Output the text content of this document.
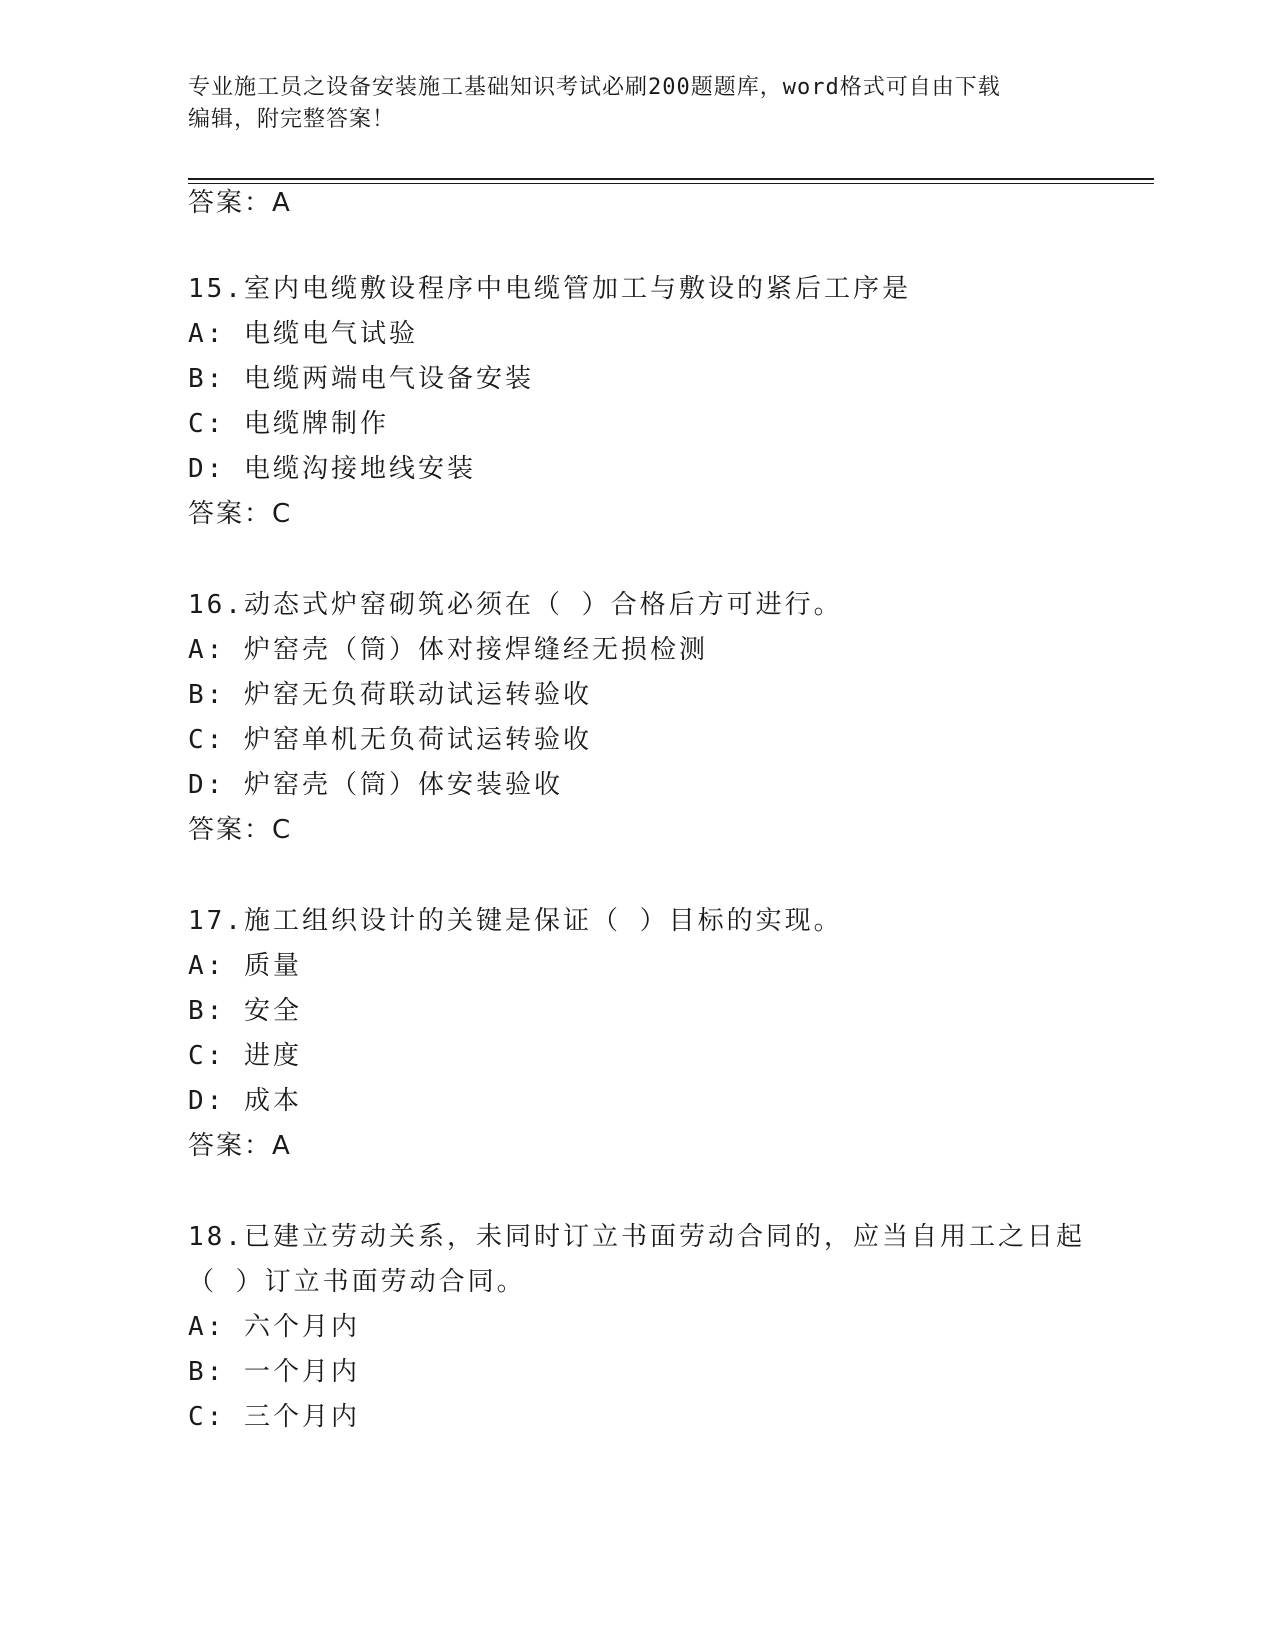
专业施工员之设备安装施工基础知识考试必刷200题题库，word格式可自由下载
编辑，附完整答案！
答案：A
15.室内电缆敷设程序中电缆管加工与敷设的紧后工序是
A: 电缆电气试验
B: 电缆两端电气设备安装
C: 电缆牌制作
D: 电缆沟接地线安装
答案：C
16.动态式炉窑砌筑必须在（ ）合格后方可进行。
A: 炉窑壳（筒）体对接焊缝经无损检测
B: 炉窑无负荷联动试运转验收
C: 炉窑单机无负荷试运转验收
D: 炉窑壳（筒）体安装验收
答案：C
17.施工组织设计的关键是保证（ ）目标的实现。
A: 质量
B: 安全
C: 进度
D: 成本
答案：A
18.已建立劳动关系，未同时订立书面劳动合同的，应当自用工之日起
（ ）订立书面劳动合同。
A: 六个月内
B: 一个月内
C: 三个月内
